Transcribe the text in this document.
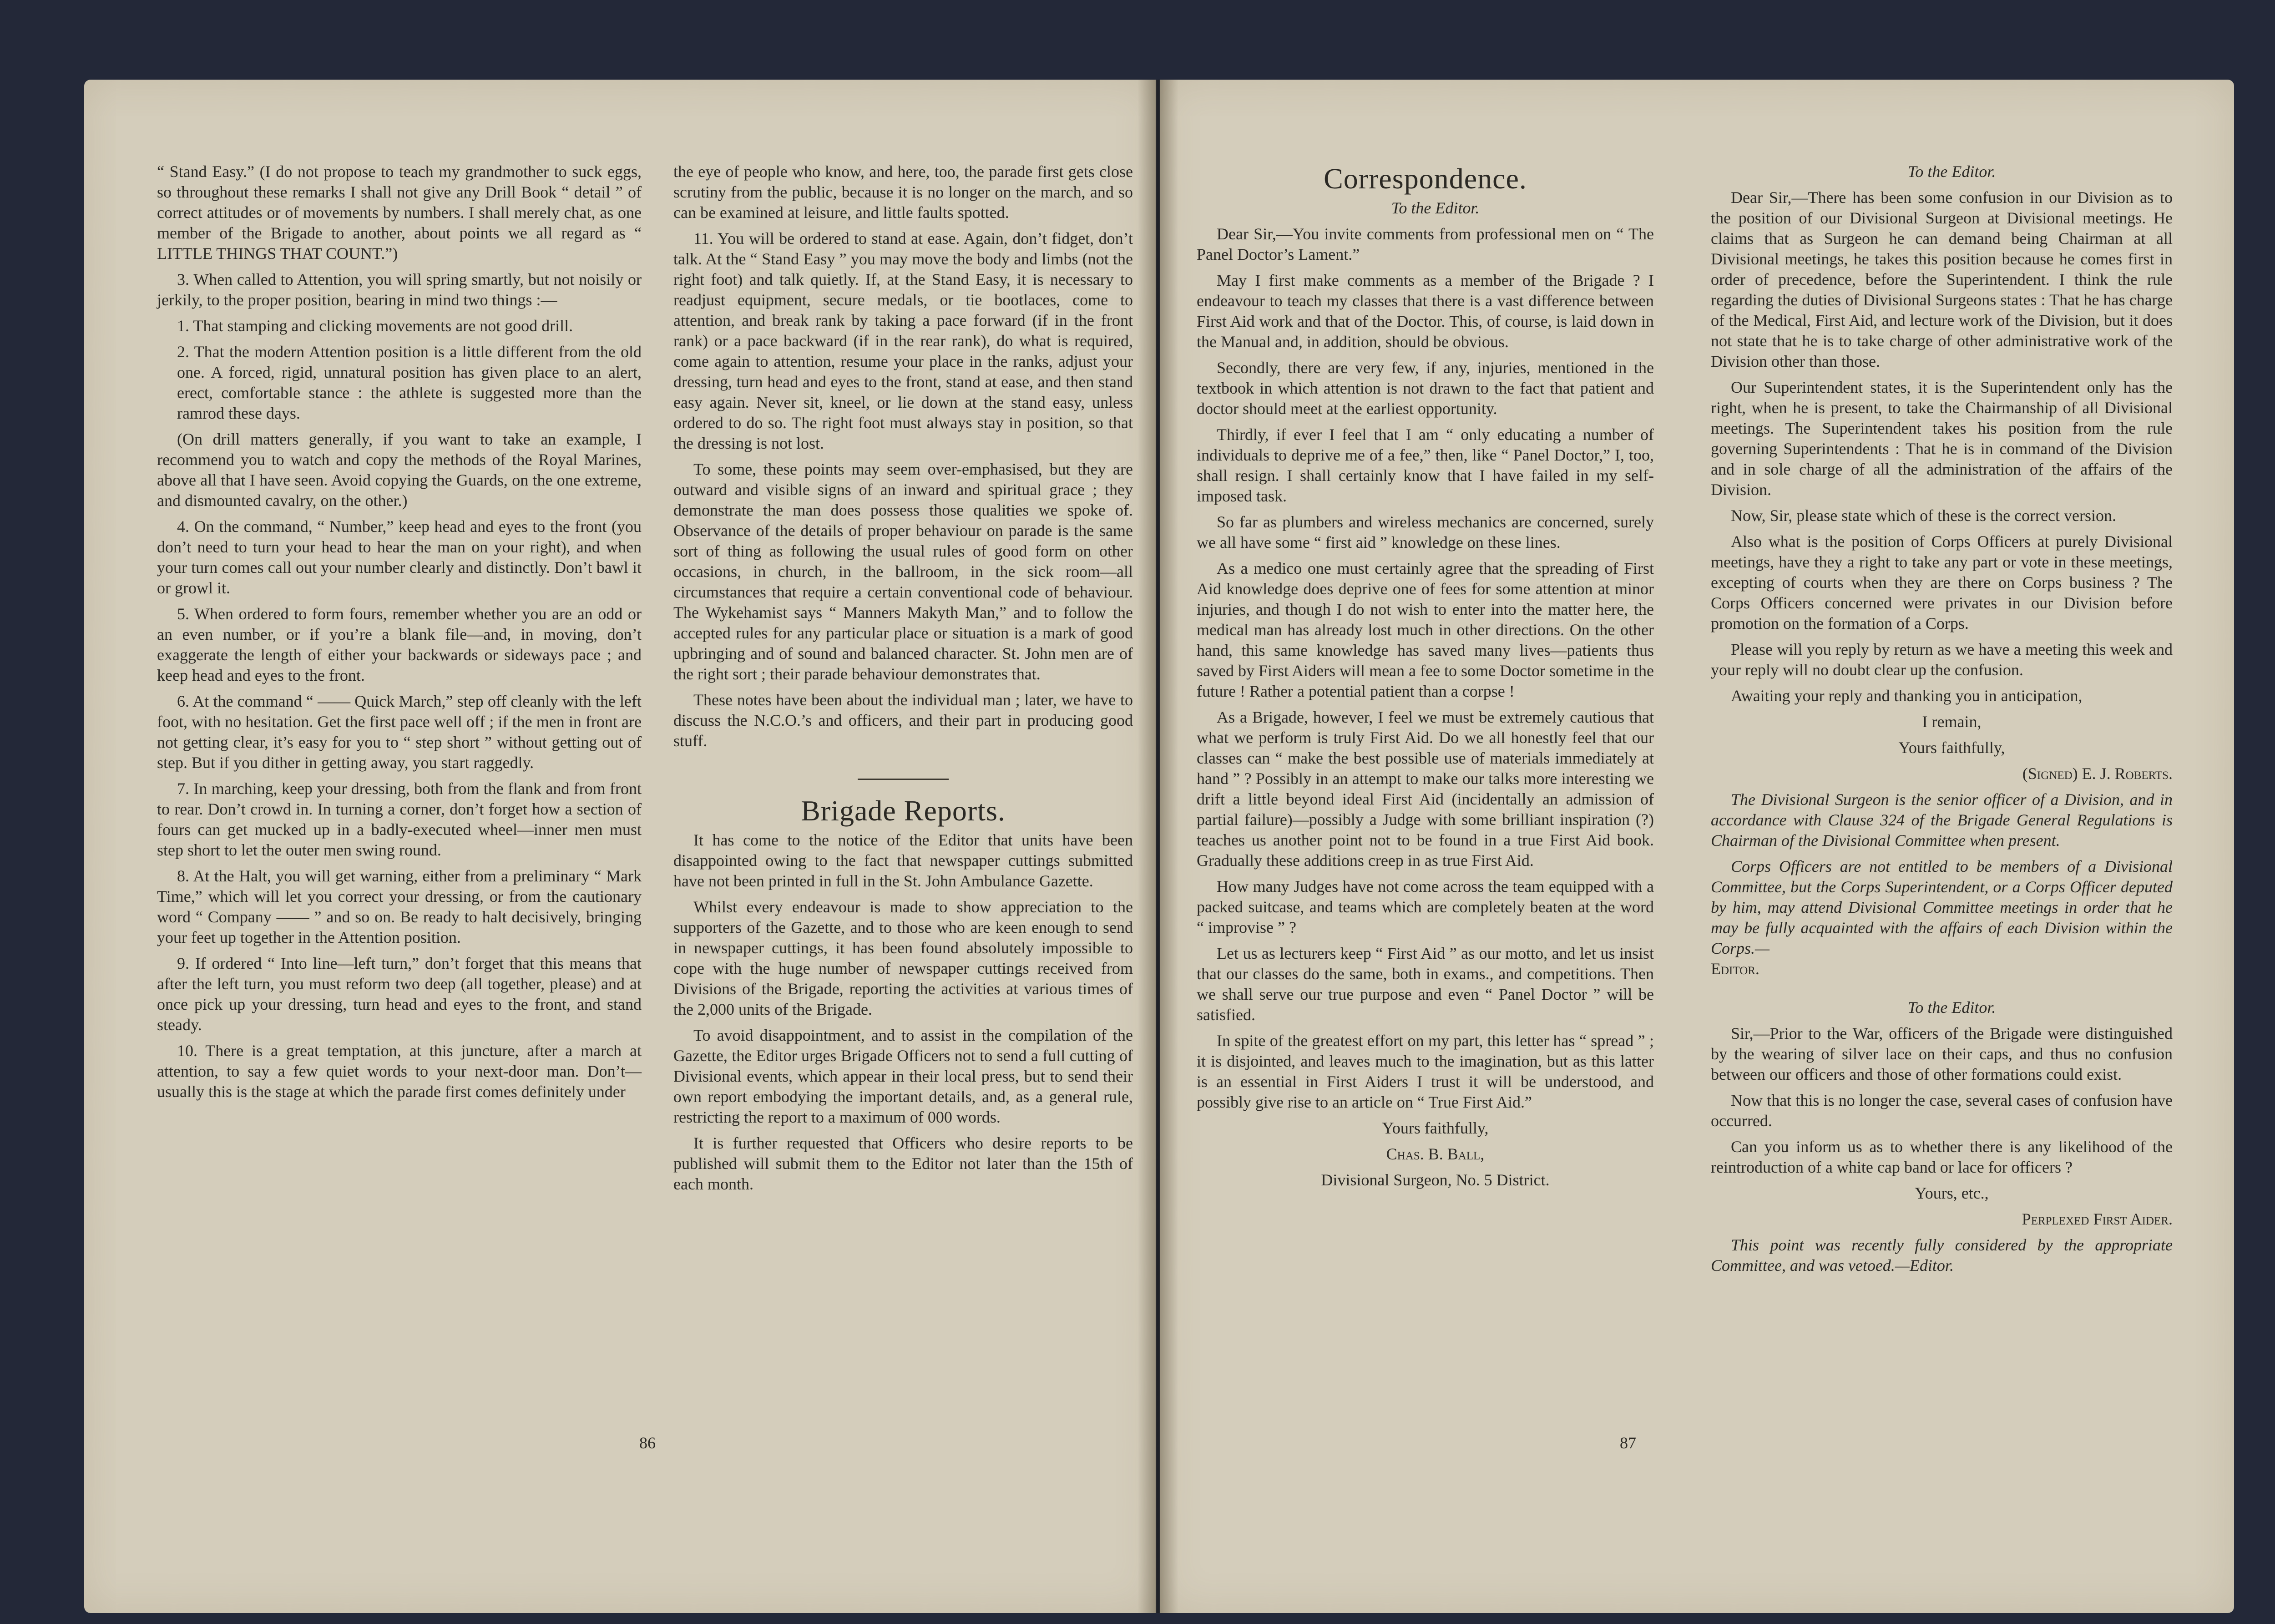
“ Stand Easy.” (I do not propose to teach my grandmother to suck eggs, so throughout these remarks I shall not give any Drill Book “ detail ” of correct attitudes or of movements by numbers. I shall merely chat, as one member of the Brigade to another, about points we all regard as “ LITTLE THINGS THAT COUNT.”)

3. When called to Attention, you will spring smartly, but not noisily or jerkily, to the proper position, bearing in mind two things :—

1. That stamping and clicking movements are not good drill.

2. That the modern Attention position is a little different from the old one. A forced, rigid, unnatural position has given place to an alert, erect, comfortable stance : the athlete is suggested more than the ramrod these days.

(On drill matters generally, if you want to take an example, I recommend you to watch and copy the methods of the Royal Marines, above all that I have seen. Avoid copying the Guards, on the one extreme, and dismounted cavalry, on the other.)

4. On the command, “ Number,” keep head and eyes to the front (you don’t need to turn your head to hear the man on your right), and when your turn comes call out your number clearly and distinctly. Don’t bawl it or growl it.

5. When ordered to form fours, remember whether you are an odd or an even number, or if you’re a blank file—and, in moving, don’t exaggerate the length of either your backwards or sideways pace ; and keep head and eyes to the front.

6. At the command “ —— Quick March,” step off cleanly with the left foot, with no hesitation. Get the first pace well off ; if the men in front are not getting clear, it’s easy for you to “ step short ” without getting out of step. But if you dither in getting away, you start raggedly.

7. In marching, keep your dressing, both from the flank and from front to rear. Don’t crowd in. In turning a corner, don’t forget how a section of fours can get mucked up in a badly-executed wheel—inner men must step short to let the outer men swing round.

8. At the Halt, you will get warning, either from a preliminary “ Mark Time,” which will let you correct your dressing, or from the cautionary word “ Company —— ” and so on. Be ready to halt decisively, bringing your feet up together in the Attention position.

9. If ordered “ Into line—left turn,” don’t forget that this means that after the left turn, you must reform two deep (all together, please) and at once pick up your dressing, turn head and eyes to the front, and stand steady.

10. There is a great temptation, at this juncture, after a march at attention, to say a few quiet words to your next-door man. Don’t—usually this is the stage at which the parade first comes definitely under

the eye of people who know, and here, too, the parade first gets close scrutiny from the public, because it is no longer on the march, and so can be examined at leisure, and little faults spotted.

11. You will be ordered to stand at ease. Again, don’t fidget, don’t talk. At the “ Stand Easy ” you may move the body and limbs (not the right foot) and talk quietly. If, at the Stand Easy, it is necessary to readjust equipment, secure medals, or tie bootlaces, come to attention, and break rank by taking a pace forward (if in the front rank) or a pace backward (if in the rear rank), do what is required, come again to attention, resume your place in the ranks, adjust your dressing, turn head and eyes to the front, stand at ease, and then stand easy again. Never sit, kneel, or lie down at the stand easy, unless ordered to do so. The right foot must always stay in position, so that the dressing is not lost.

To some, these points may seem over-emphasised, but they are outward and visible signs of an inward and spiritual grace ; they demonstrate the man does possess those qualities we spoke of. Observance of the details of proper behaviour on parade is the same sort of thing as following the usual rules of good form on other occasions, in church, in the ballroom, in the sick room—all circumstances that require a certain conventional code of behaviour. The Wykehamist says “ Manners Makyth Man,” and to follow the accepted rules for any particular place or situation is a mark of good upbringing and of sound and balanced character. St. John men are of the right sort ; their parade behaviour demonstrates that.

These notes have been about the individual man ; later, we have to discuss the N.C.O.’s and officers, and their part in producing good stuff.

Brigade Reports.

It has come to the notice of the Editor that units have been disappointed owing to the fact that newspaper cuttings submitted have not been printed in full in the St. John Ambulance Gazette.

Whilst every endeavour is made to show appreciation to the supporters of the Gazette, and to those who are keen enough to send in newspaper cuttings, it has been found absolutely impossible to cope with the huge number of newspaper cuttings received from Divisions of the Brigade, reporting the activities at various times of the 2,000 units of the Brigade.

To avoid disappointment, and to assist in the compilation of the Gazette, the Editor urges Brigade Officers not to send a full cutting of Divisional events, which appear in their local press, but to send their own report embodying the important details, and, as a general rule, restricting the report to a maximum of 000 words.

It is further requested that Officers who desire reports to be published will submit them to the Editor not later than the 15th of each month.

86
Correspondence.

To the Editor.

Dear Sir,—You invite comments from professional men on “ The Panel Doctor’s Lament.”

May I first make comments as a member of the Brigade ? I endeavour to teach my classes that there is a vast difference between First Aid work and that of the Doctor. This, of course, is laid down in the Manual and, in addition, should be obvious.

Secondly, there are very few, if any, injuries, mentioned in the textbook in which attention is not drawn to the fact that patient and doctor should meet at the earliest opportunity.

Thirdly, if ever I feel that I am “ only educating a number of individuals to deprive me of a fee,” then, like “ Panel Doctor,” I, too, shall resign. I shall certainly know that I have failed in my self-imposed task.

So far as plumbers and wireless mechanics are concerned, surely we all have some “ first aid ” knowledge on these lines.

As a medico one must certainly agree that the spreading of First Aid knowledge does deprive one of fees for some attention at minor injuries, and though I do not wish to enter into the matter here, the medical man has already lost much in other directions. On the other hand, this same knowledge has saved many lives—patients thus saved by First Aiders will mean a fee to some Doctor sometime in the future ! Rather a potential patient than a corpse !

As a Brigade, however, I feel we must be extremely cautious that what we perform is truly First Aid. Do we all honestly feel that our classes can “ make the best possible use of materials immediately at hand ” ? Possibly in an attempt to make our talks more interesting we drift a little beyond ideal First Aid (incidentally an admission of partial failure)—possibly a Judge with some brilliant inspiration (?) teaches us another point not to be found in a true First Aid book. Gradually these additions creep in as true First Aid.

How many Judges have not come across the team equipped with a packed suitcase, and teams which are completely beaten at the word “ improvise ” ?

Let us as lecturers keep “ First Aid ” as our motto, and let us insist that our classes do the same, both in exams., and competitions. Then we shall serve our true purpose and even “ Panel Doctor ” will be satisfied.

In spite of the greatest effort on my part, this letter has “ spread ” ; it is disjointed, and leaves much to the imagination, but as this latter is an essential in First Aiders I trust it will be understood, and possibly give rise to an article on “ True First Aid.”

Yours faithfully,

Chas. B. Ball,

Divisional Surgeon, No. 5 District.

To the Editor.

Dear Sir,—There has been some confusion in our Division as to the position of our Divisional Surgeon at Divisional meetings. He claims that as Surgeon he can demand being Chairman at all Divisional meetings, he takes this position because he comes first in order of precedence, before the Superintendent. I think the rule regarding the duties of Divisional Surgeons states : That he has charge of the Medical, First Aid, and lecture work of the Division, but it does not state that he is to take charge of other administrative work of the Division other than those.

Our Superintendent states, it is the Superintendent only has the right, when he is present, to take the Chairmanship of all Divisional meetings. The Superintendent takes his position from the rule governing Superintendents : That he is in command of the Division and in sole charge of all the administration of the affairs of the Division.

Now, Sir, please state which of these is the correct version.

Also what is the position of Corps Officers at purely Divisional meetings, have they a right to take any part or vote in these meetings, excepting of courts when they are there on Corps business ? The Corps Officers concerned were privates in our Division before promotion on the formation of a Corps.

Please will you reply by return as we have a meeting this week and your reply will no doubt clear up the confusion.

Awaiting your reply and thanking you in anticipation,

I remain,

Yours faithfully,

(Signed) E. J. Roberts.

The Divisional Surgeon is the senior officer of a Division, and in accordance with Clause 324 of the Brigade General Regulations is Chairman of the Divisional Committee when present.

Corps Officers are not entitled to be members of a Divisional Committee, but the Corps Superintendent, or a Corps Officer deputed by him, may attend Divisional Committee meetings in order that he may be fully acquainted with the affairs of each Division within the Corps.—

Editor.

To the Editor.

Sir,—Prior to the War, officers of the Brigade were distinguished by the wearing of silver lace on their caps, and thus no confusion between our officers and those of other formations could exist.

Now that this is no longer the case, several cases of confusion have occurred.

Can you inform us as to whether there is any likelihood of the reintroduction of a white cap band or lace for officers ?

Yours, etc.,

Perplexed First Aider.

This point was recently fully considered by the appropriate Committee, and was vetoed.—Editor.

87
